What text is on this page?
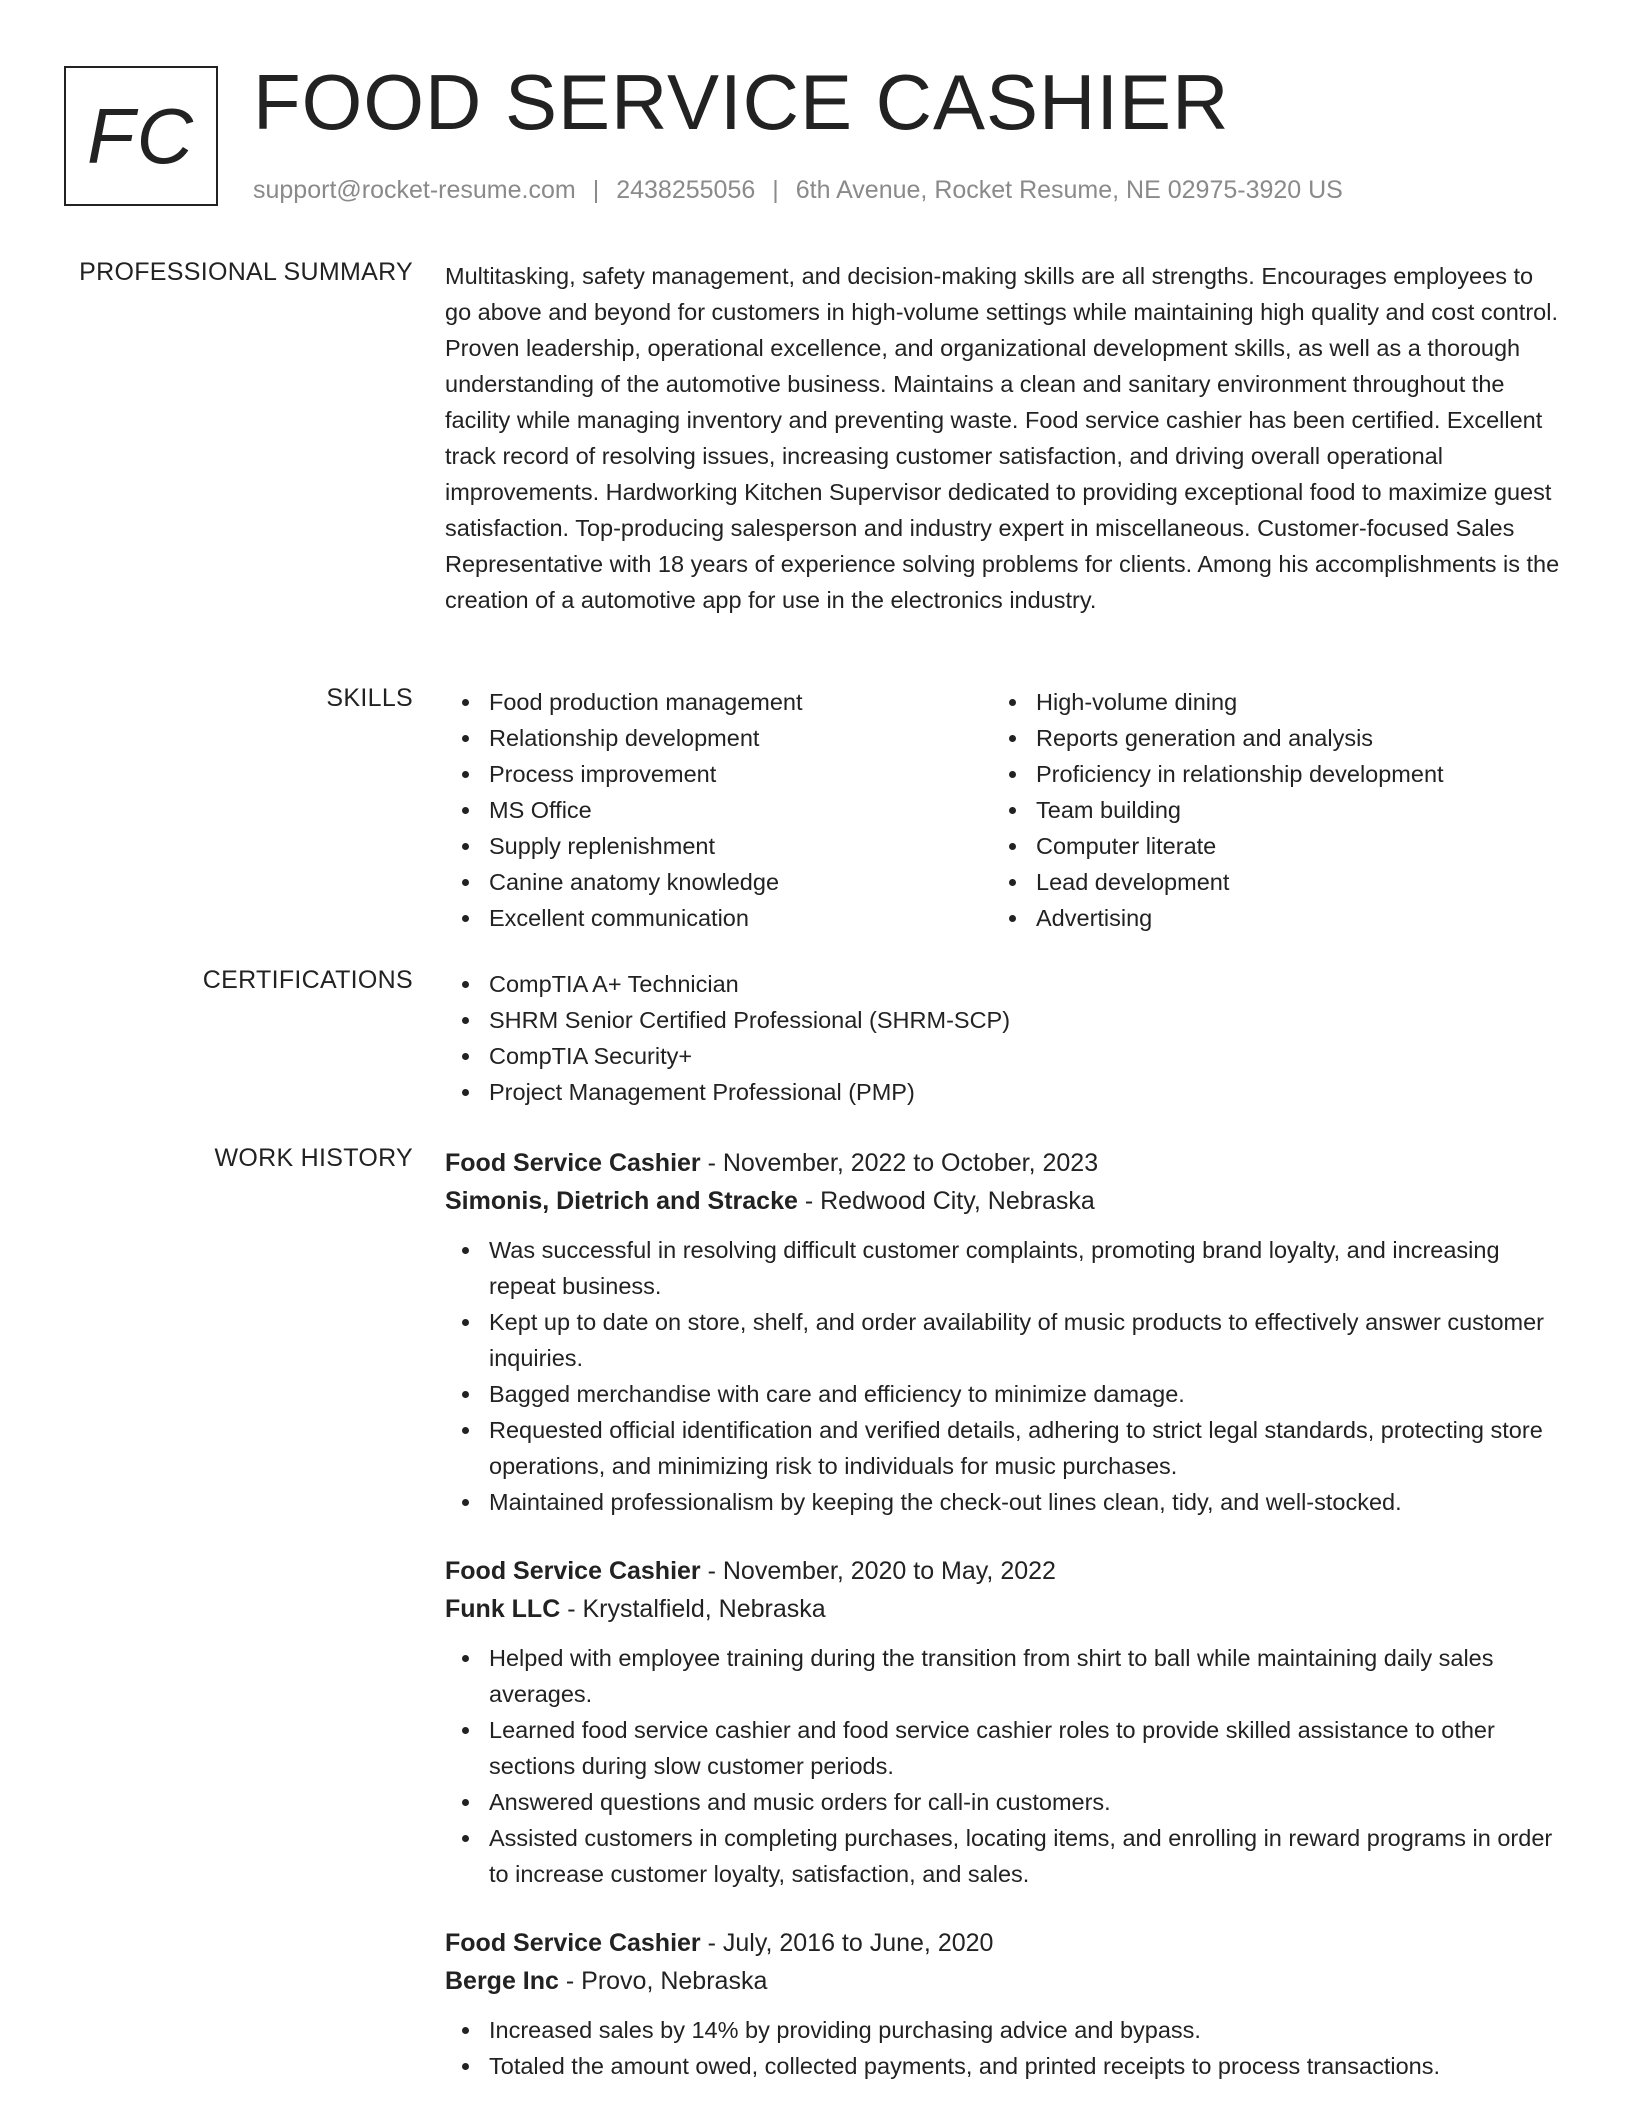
FC FOOD SERVICE CASHIER
support@rocket-resume.com | 2438255056 | 6th Avenue, Rocket Resume, NE 02975-3920 US
PROFESSIONAL SUMMARY Multitasking, safety management, and decision-making skills are all strengths. Encourages employees to go above and beyond for customers in high-volume settings while maintaining high quality and cost control. Proven leadership, operational excellence, and organizational development skills, as well as a thorough understanding of the automotive business. Maintains a clean and sanitary environment throughout the facility while managing inventory and preventing waste. Food service cashier has been certified. Excellent track record of resolving issues, increasing customer satisfaction, and driving overall operational improvements. Hardworking Kitchen Supervisor dedicated to providing exceptional food to maximize guest satisfaction. Top-producing salesperson and industry expert in miscellaneous. Customer-focused Sales Representative with 18 years of experience solving problems for clients. Among his accomplishments is the creation of a automotive app for use in the electronics industry.

SKILLS	Food production management
Relationship development
Process improvement
MS Office
Supply replenishment
Canine anatomy knowledge
Excellent communication
High-volume dining
Reports generation and analysis
Proficiency in relationship development
Team building
Computer literate
Lead development
Advertising
CERTIFICATIONS	CompTIA A+ Technician
SHRM Senior Certified Professional (SHRM-SCP)
CompTIA Security+
Project Management Professional (PMP)
WORK HISTORY Food Service Cashier - November, 2022 to October, 2023
Simonis, Dietrich and Stracke - Redwood City, Nebraska
Was successful in resolving difficult customer complaints, promoting brand loyalty, and increasing repeat business.
Kept up to date on store, shelf, and order availability of music products to effectively answer customer inquiries.
Bagged merchandise with care and efficiency to minimize damage.
Requested official identification and verified details, adhering to strict legal standards, protecting store operations, and minimizing risk to individuals for music purchases.
Maintained professionalism by keeping the check-out lines clean, tidy, and well-stocked.
Food Service Cashier - November, 2020 to May, 2022
Funk LLC - Krystalfield, Nebraska
Helped with employee training during the transition from shirt to ball while maintaining daily sales averages.
Learned food service cashier and food service cashier roles to provide skilled assistance to other sections during slow customer periods.
Answered questions and music orders for call-in customers.
Assisted customers in completing purchases, locating items, and enrolling in reward programs in order to increase customer loyalty, satisfaction, and sales.
Food Service Cashier - July, 2016 to June, 2020
Berge Inc - Provo, Nebraska
Increased sales by 14% by providing purchasing advice and bypass.
Totaled the amount owed, collected payments, and printed receipts to process transactions.
